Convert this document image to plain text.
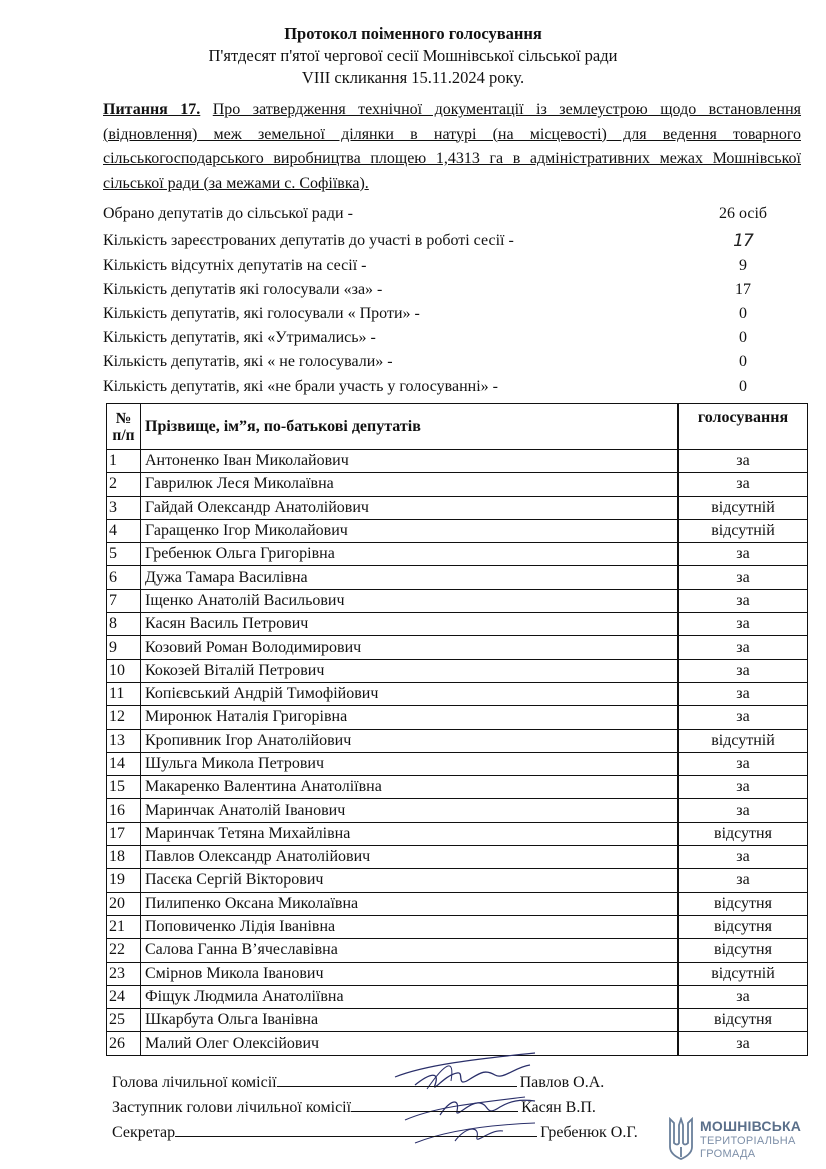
Протокол поіменного голосування
П'ятдесят п'ятої чергової сесії Мошнівської сільської ради
VIII скликання 15.11.2024 року.
Питання 17. Про затвердження технічної документації із землеустрою щодо встановлення (відновлення) меж земельної ділянки в натурі (на місцевості) для ведення товарного сільськогосподарського виробництва площею 1,4313 га в адміністративних межах Мошнівської сільської ради (за межами с. Софіївка).
Обрано депутатів до сільської ради -	26 осіб
Кількість зареєстрованих депутатів до участі в роботі сесії -	17
Кількість відсутніх депутатів на сесії -	9
Кількість депутатів які голосували «за» -	17
Кількість депутатів, які голосували « Проти» -	0
Кількість депутатів, які «Утримались» -	0
Кількість депутатів, які « не голосували» -	0
Кількість депутатів, які «не брали участь у голосуванні» -	0
№
п/п	Прізвище, ім”я, по-батькові депутатів	голосування
1	Антоненко Іван Миколайович	за
2	Гаврилюк Леся Миколаївна	за
3	Гайдай Олександр Анатолійович	відсутній
4	Гаращенко Ігор Миколайович	відсутній
5	Гребенюк Ольга Григорівна	за
6	Дужа Тамара Василівна	за
7	Іщенко Анатолій Васильович	за
8	Касян Василь Петрович	за
9	Козовий Роман Володимирович	за
10	Кокозей Віталій Петрович	за
11	Копієвський Андрій Тимофійович	за
12	Миронюк Наталія Григорівна	за
13	Кропивник Ігор Анатолійович	відсутній
14	Шульга Микола Петрович	за
15	Макаренко Валентина Анатоліївна	за
16	Маринчак Анатолій Іванович	за
17	Маринчак Тетяна Михайлівна	відсутня
18	Павлов Олександр Анатолійович	за
19	Пасєка Сергій Вікторович	за
20	Пилипенко Оксана Миколаївна	відсутня
21	Поповиченко Лідія Іванівна	відсутня
22	Салова Ганна В’ячеславівна	відсутня
23	Смірнов Микола Іванович	відсутній
24	Фіщук Людмила Анатоліївна	за
25	Шкарбута Ольга Іванівна	відсутня
26	Малий Олег Олексійович	за
Голова лічильної комісії	Павлов О.А.
Заступник голови лічильної комісії	Касян В.П.
Секретар	Гребенюк О.Г.	МОШНІВСЬКА
ТЕРИТОРІАЛЬНА
ГРОМАДА
